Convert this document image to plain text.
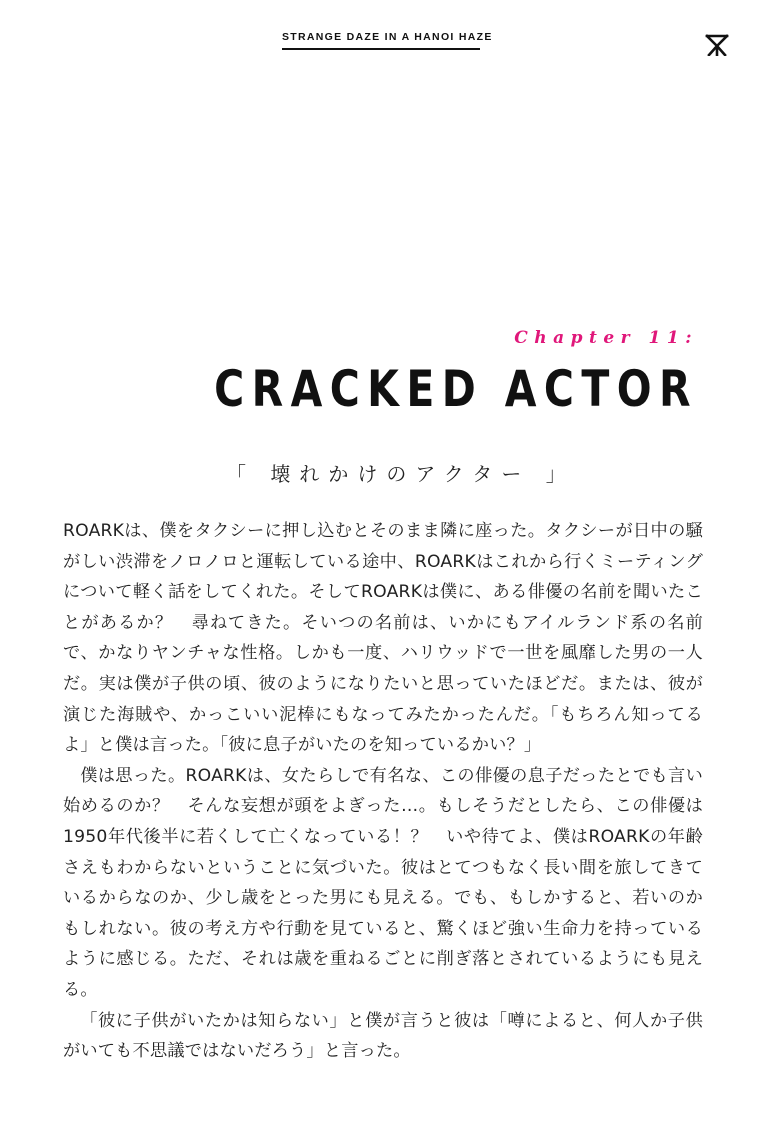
STRANGE DAZE IN A HANOI HAZE
Chapter 11:
CRACKED ACTOR
「 壊れかけのアクター 」

ROARKは、僕をタクシーに押し込むとそのまま隣に座った。タクシーが日中の騒がしい渋滞をノロノロと運転している途中、ROARKはこれから行くミーティングについて軽く話をしてくれた。そしてROARKは僕に、ある俳優の名前を聞いたことがあるか？　尋ねてきた。そいつの名前は、いかにもアイルランド系の名前で、かなりヤンチャな性格。しかも一度、ハリウッドで一世を風靡した男の一人だ。実は僕が子供の頃、彼のようになりたいと思っていたほどだ。または、彼が演じた海賊や、かっこいい泥棒にもなってみたかったんだ。「もちろん知ってるよ」と僕は言った。「彼に息子がいたのを知っているかい？」

僕は思った。ROARKは、女たらしで有名な、この俳優の息子だったとでも言い始めるのか？　そんな妄想が頭をよぎった…。もしそうだとしたら、この俳優は1950年代後半に若くして亡くなっている！？　いや待てよ、僕はROARKの年齢さえもわからないということに気づいた。彼はとてつもなく長い間を旅してきているからなのか、少し歳をとった男にも見える。でも、もしかすると、若いのかもしれない。彼の考え方や行動を見ていると、驚くほど強い生命力を持っているように感じる。ただ、それは歳を重ねるごとに削ぎ落とされているようにも見える。

「彼に子供がいたかは知らない」と僕が言うと彼は「噂によると、何人か子供がいても不思議ではないだろう」と言った。
